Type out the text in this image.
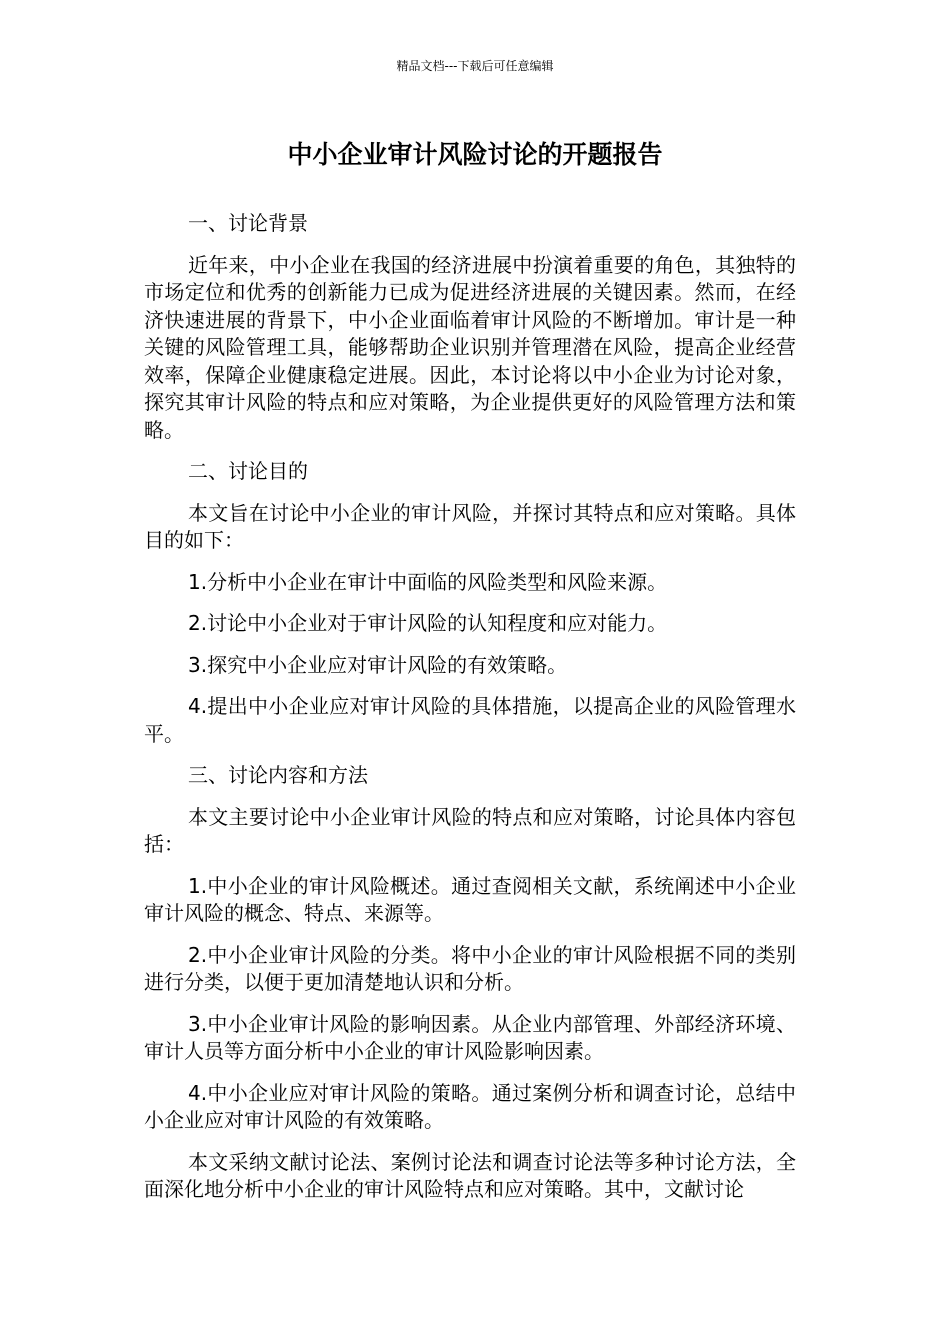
精品文档---下载后可任意编辑
中小企业审计风险讨论的开题报告

一、讨论背景

近年来，中小企业在我国的经济进展中扮演着重要的角色，其独特的市场定位和优秀的创新能力已成为促进经济进展的关键因素。然而，在经济快速进展的背景下，中小企业面临着审计风险的不断增加。审计是一种关键的风险管理工具，能够帮助企业识别并管理潜在风险，提高企业经营效率，保障企业健康稳定进展。因此，本讨论将以中小企业为讨论对象，探究其审计风险的特点和应对策略，为企业提供更好的风险管理方法和策略。

二、讨论目的

本文旨在讨论中小企业的审计风险，并探讨其特点和应对策略。具体目的如下：

1.分析中小企业在审计中面临的风险类型和风险来源。

2.讨论中小企业对于审计风险的认知程度和应对能力。

3.探究中小企业应对审计风险的有效策略。

4.提出中小企业应对审计风险的具体措施，以提高企业的风险管理水平。

三、讨论内容和方法

本文主要讨论中小企业审计风险的特点和应对策略，讨论具体内容包括：

1.中小企业的审计风险概述。通过查阅相关文献，系统阐述中小企业审计风险的概念、特点、来源等。

2.中小企业审计风险的分类。将中小企业的审计风险根据不同的类别进行分类，以便于更加清楚地认识和分析。

3.中小企业审计风险的影响因素。从企业内部管理、外部经济环境、审计人员等方面分析中小企业的审计风险影响因素。

4.中小企业应对审计风险的策略。通过案例分析和调查讨论，总结中小企业应对审计风险的有效策略。

本文采纳文献讨论法、案例讨论法和调查讨论法等多种讨论方法，全面深化地分析中小企业的审计风险特点和应对策略。其中，文献讨论
